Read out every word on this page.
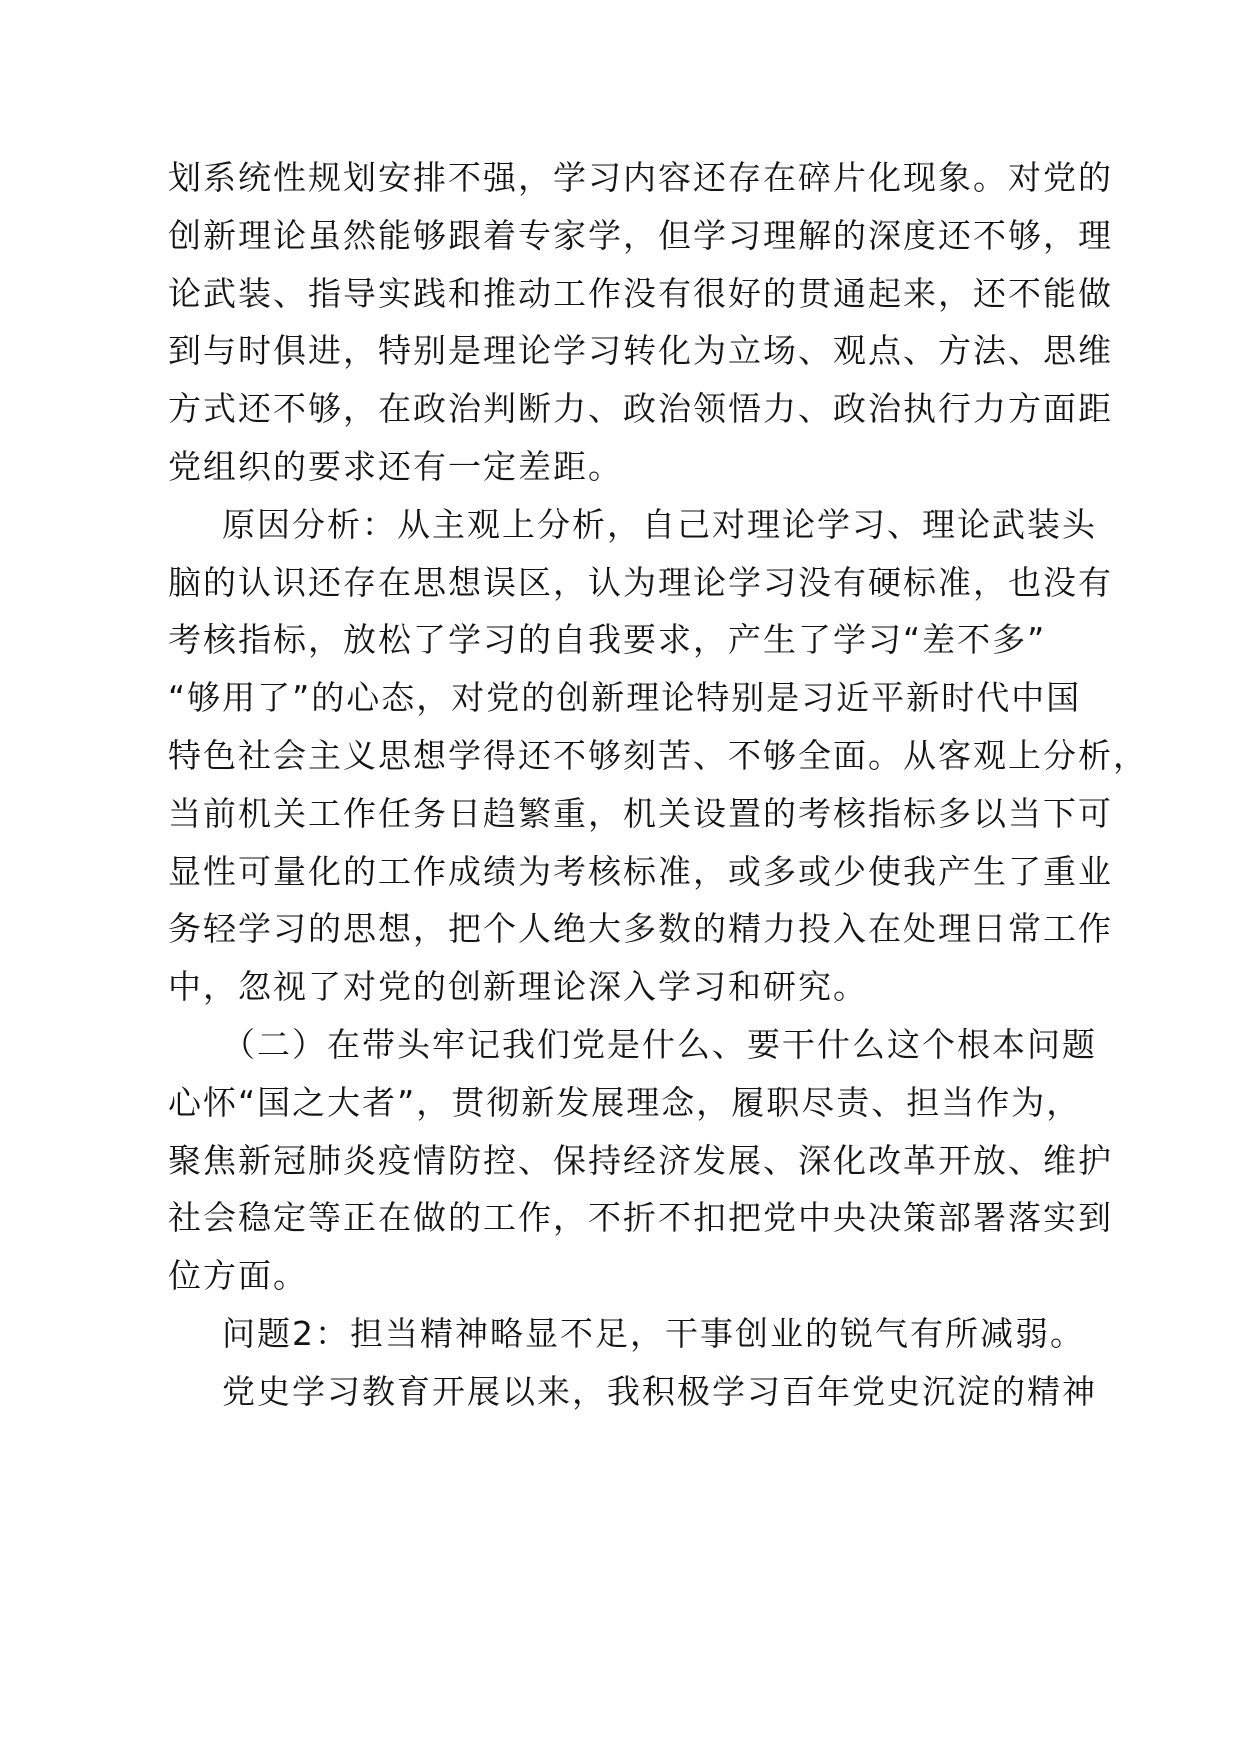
划系统性规划安排不强，学习内容还存在碎片化现象。对党的
创新理论虽然能够跟着专家学，但学习理解的深度还不够，理
论武装、指导实践和推动工作没有很好的贯通起来，还不能做
到与时俱进，特别是理论学习转化为立场、观点、方法、思维
方式还不够，在政治判断力、政治领悟力、政治执行力方面距
党组织的要求还有一定差距。
原因分析：从主观上分析，自己对理论学习、理论武装头
脑的认识还存在思想误区，认为理论学习没有硬标准，也没有
考核指标，放松了学习的自我要求，产生了学习“差不多”
“够用了”的心态，对党的创新理论特别是习近平新时代中国
特色社会主义思想学得还不够刻苦、不够全面。从客观上分析，
当前机关工作任务日趋繁重，机关设置的考核指标多以当下可
显性可量化的工作成绩为考核标准，或多或少使我产生了重业
务轻学习的思想，把个人绝大多数的精力投入在处理日常工作
中，忽视了对党的创新理论深入学习和研究。
（二）在带头牢记我们党是什么、要干什么这个根本问题
心怀“国之大者”，贯彻新发展理念，履职尽责、担当作为，
聚焦新冠肺炎疫情防控、保持经济发展、深化改革开放、维护
社会稳定等正在做的工作，不折不扣把党中央决策部署落实到
位方面。
问题2：担当精神略显不足，干事创业的锐气有所减弱。
党史学习教育开展以来，我积极学习百年党史沉淀的精神
